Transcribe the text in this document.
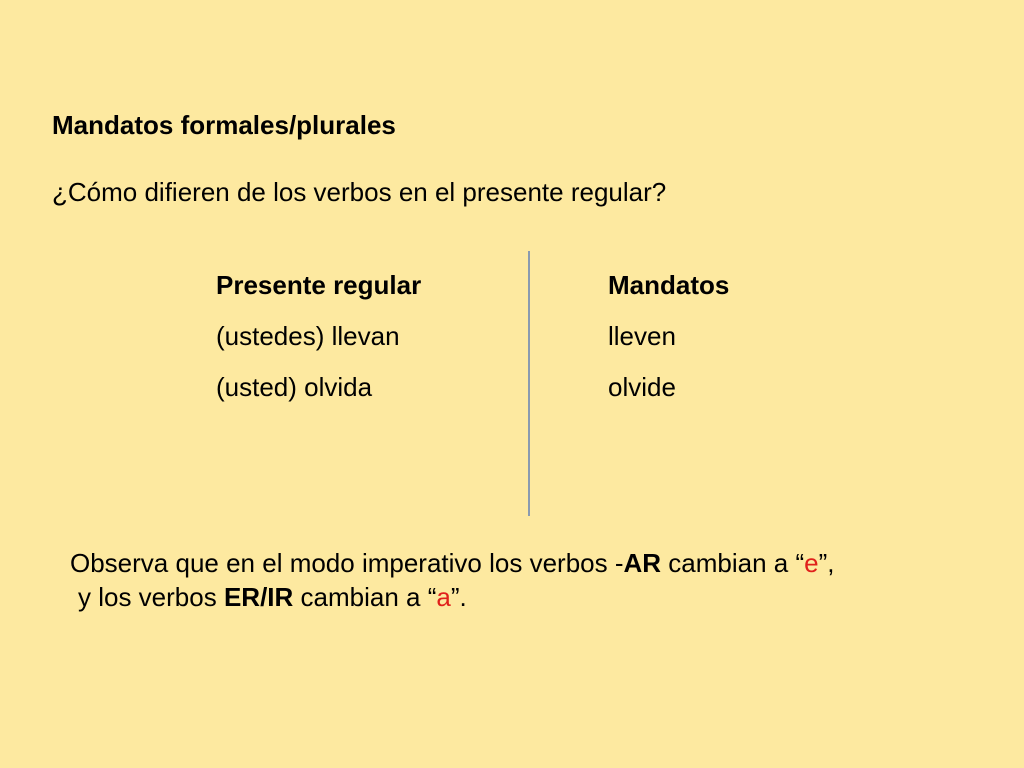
Mandatos formales/plurales
¿Cómo difieren de los verbos en el presente regular?
Presente regular
(ustedes) llevan
(usted) olvida
Mandatos
lleven
olvide
Observa que en el modo imperativo los verbos -AR cambian a “e”,
y los verbos ER/IR cambian a “a”.
